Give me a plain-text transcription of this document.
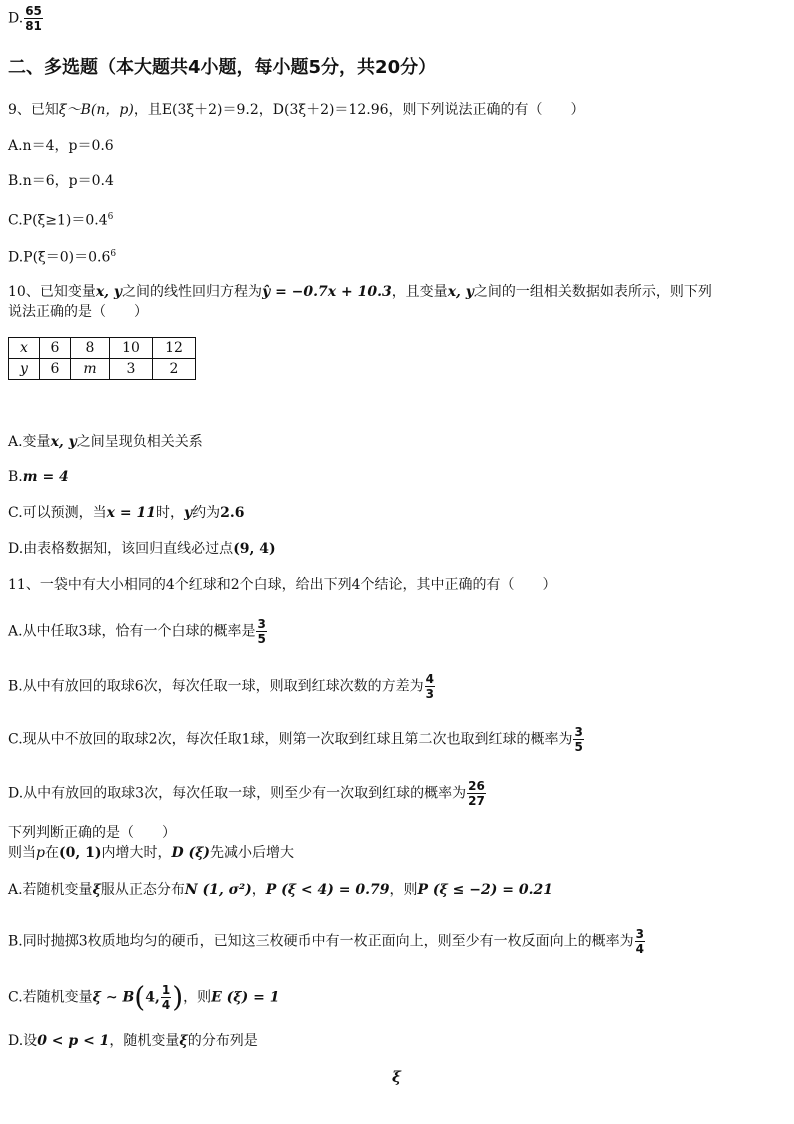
D. $\frac{65}{81}$
二、多选题（本大题共4小题，每小题5分，共20分）
9、已知ξ～B(n，p)，且E(3ξ＋2)＝9.2，D(3ξ＋2)＝12.96，则下列说法正确的有（　　）
A.n＝4，p＝0.6
B.n＝6，p＝0.4
$C.P(\xi\ge 1)=0.4^6$
$D.P(\xi=0)=0.6^6$
10、已知变量x, y之间的线性回归方程为ŷ = −0.7x + 10.3，且变量x, y之间的一组相关数据如表所示，则下列
说法正确的是（　　）
x	6	8	10	12
y	6	m	3	2
A.变量x, y之间呈现负相关关系
B.m = 4
C.可以预测，当x = 11时，y约为2.6
D.由表格数据知，该回归直线必过点(9, 4)
11、一袋中有大小相同的4个红球和2个白球，给出下列4个结论，其中正确的有（　　）
A.从中任取3球，恰有一个白球的概率是 $\frac{3}{5}$
B.从中有放回的取球6次，每次任取一球，则取到红球次数的方差为 $\frac{4}{3}$
C.现从中不放回的取球2次，每次任取1球，则第一次取到红球且第二次也取到红球的概率为 $\frac{3}{5}$
D.从中有放回的取球3次，每次任取一球，则至少有一次取到红球的概率为 $\frac{26}{27}$
下列判断正确的是（　　）
则当p在(0, 1)内增大时，D (ξ)先减小后增大
A.若随机变量ξ服从正态分布N (1, σ²)，P (ξ < 4) = 0.79，则P (ξ ≤ −2) = 0.21
B.同时抛掷3枚质地均匀的硬币，已知这三枚硬币中有一枚正面向上，则至少有一枚反面向上的概率为 $\frac{3}{4}$
C.若随机变量ξ ∼ B(4, $\frac{1}{4}$ )，则E (ξ) = 1
D.设0 < p < 1，随机变量ξ的分布列是
ξ
